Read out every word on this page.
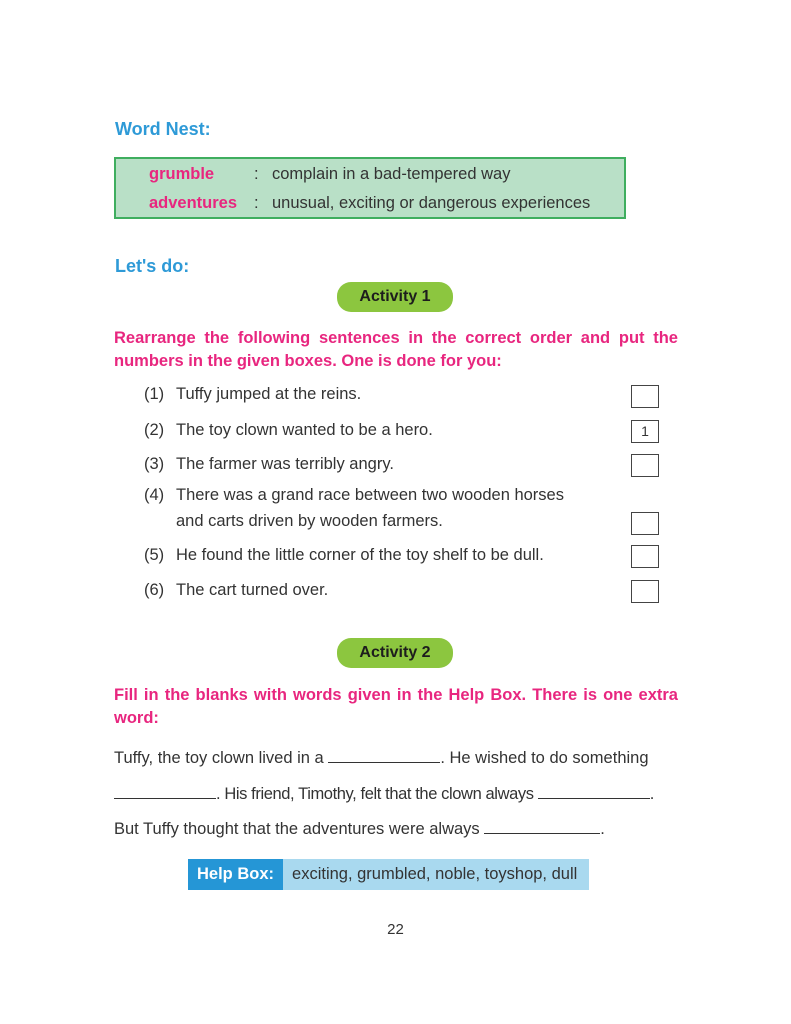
Word Nest:
grumble : complain in a bad-tempered way
adventures : unusual, exciting or dangerous experiences
Let's do:
Activity 1
Rearrange the following sentences in the correct order and put the numbers in the given boxes. One is done for you:
(1) Tuffy jumped at the reins.
(2) The toy clown wanted to be a hero.	1
(3) The farmer was terribly angry.
(4) There was a grand race between two wooden horses
and carts driven by wooden farmers.
(5) He found the little corner of the toy shelf to be dull.
(6) The cart turned over.
Activity 2
Fill in the blanks with words given in the Help Box. There is one extra word:
Tuffy, the toy clown lived in a	. He wished to do something
. His friend, Timothy, felt that the clown always	.
But Tuffy thought that the adventures were always	.
Help Box:	exciting, grumbled, noble, toyshop, dull
22
